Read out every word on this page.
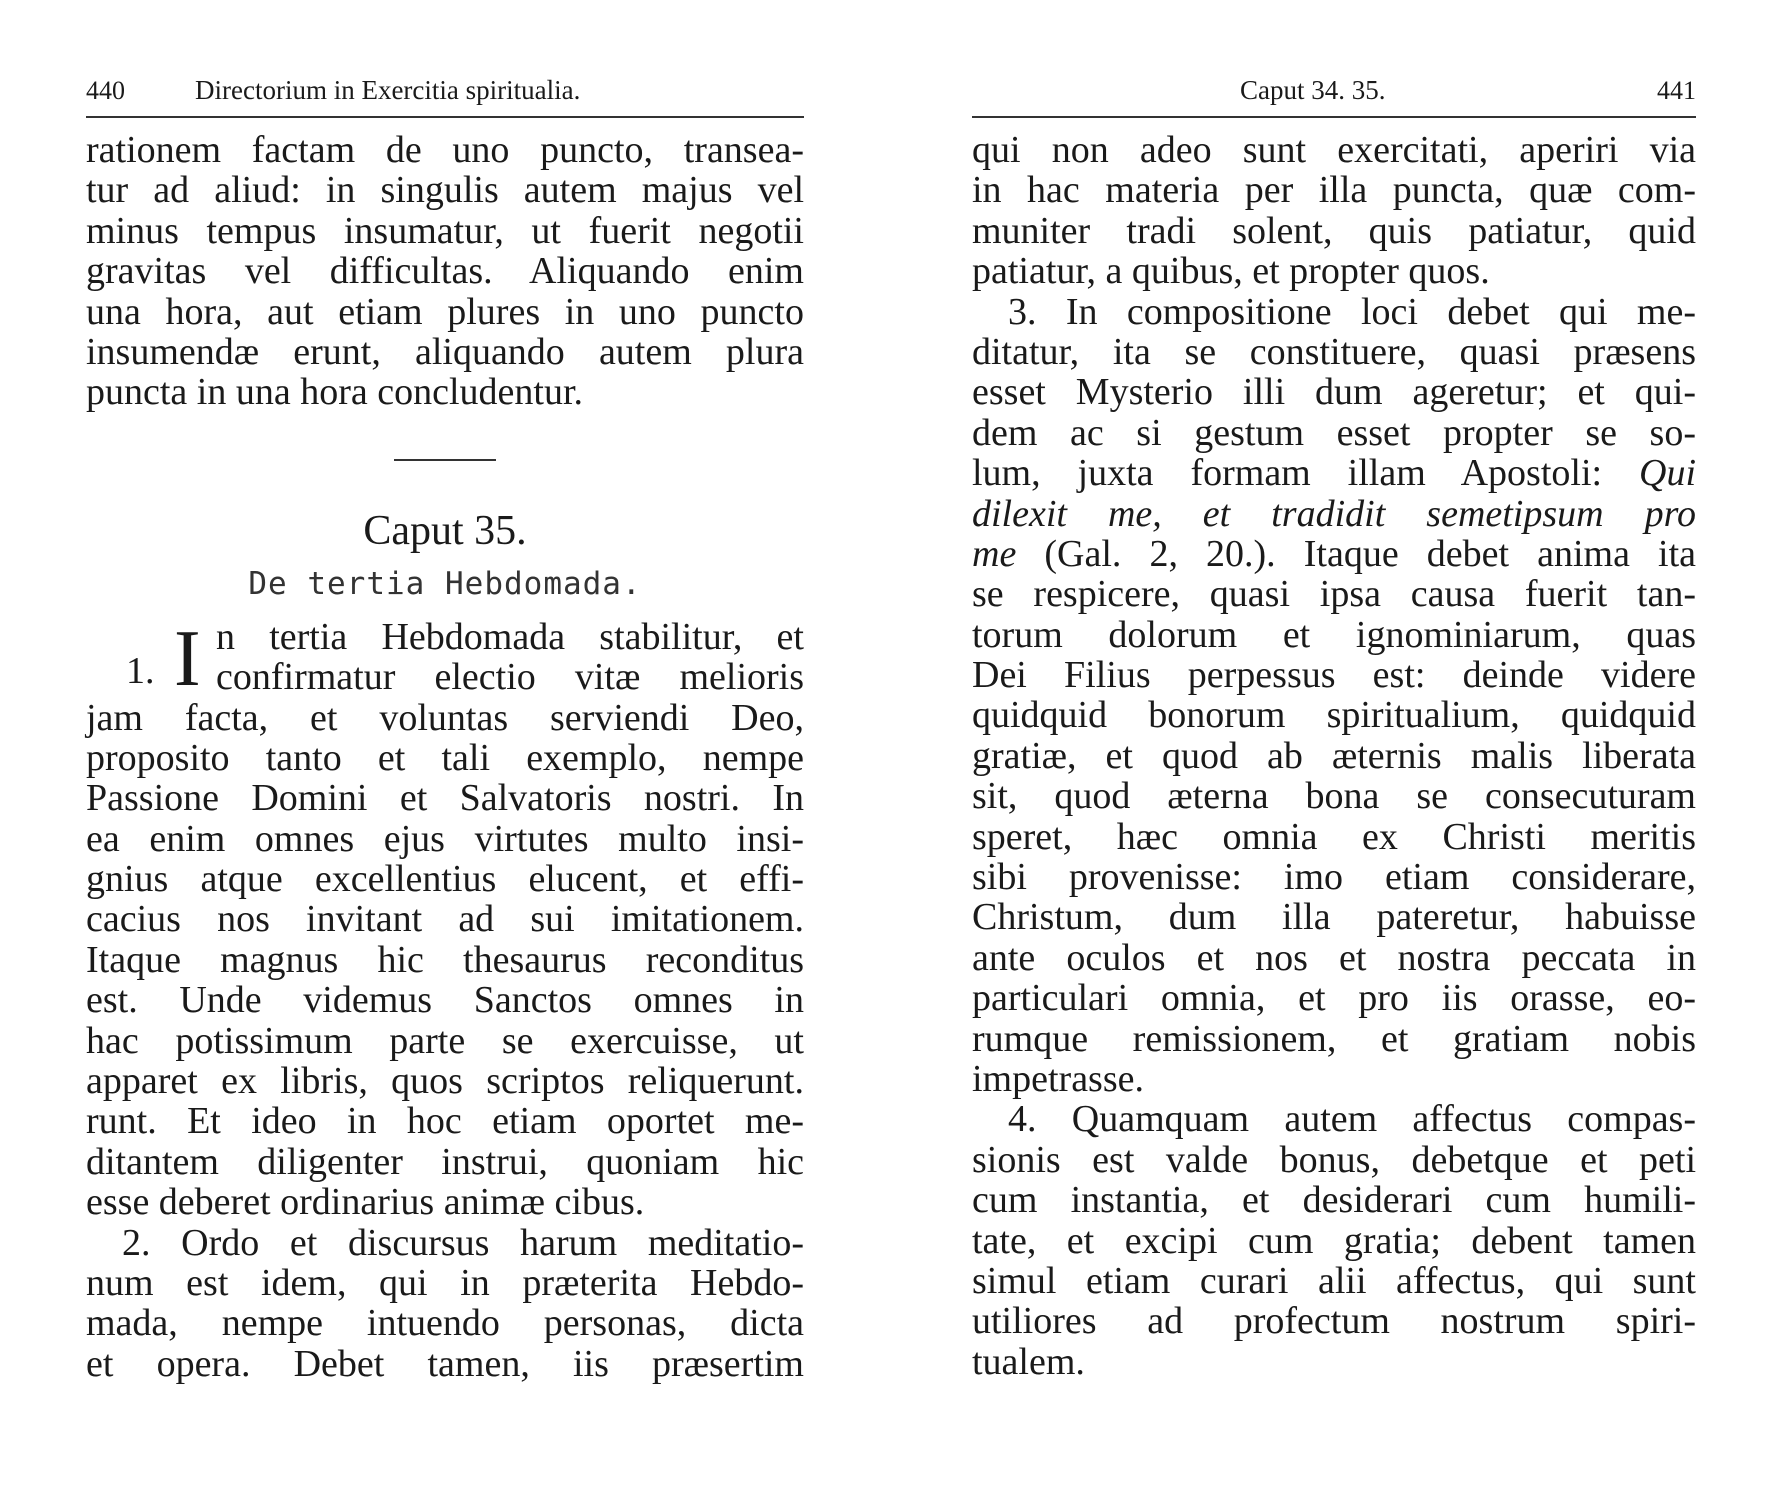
440	Directorium in Exercitia spiritualia.
rationem factam de uno puncto, transea-
tur ad aliud: in singulis autem majus vel
minus tempus insumatur, ut fuerit negotii
gravitas vel difficultas. Aliquando enim
una hora, aut etiam plures in uno puncto
insumendæ erunt, aliquando autem plura
puncta in una hora concludentur.
Caput 35.
De tertia Hebdomada.
1. I n tertia Hebdomada stabilitur, et
confirmatur electio vitæ melioris
jam facta, et voluntas serviendi Deo,
proposito tanto et tali exemplo, nempe
Passione Domini et Salvatoris nostri. In
ea enim omnes ejus virtutes multo insi-
gnius atque excellentius elucent, et effi-
cacius nos invitant ad sui imitationem.
Itaque magnus hic thesaurus reconditus
est. Unde videmus Sanctos omnes in
hac potissimum parte se exercuisse, ut
apparet ex libris, quos scriptos reliquerunt.
runt. Et ideo in hoc etiam oportet me-
ditantem diligenter instrui, quoniam hic
esse deberet ordinarius animæ cibus.
2. Ordo et discursus harum meditatio-
num est idem, qui in præterita Hebdo-
mada, nempe intuendo personas, dicta
et opera. Debet tamen, iis præsertim
Caput 34. 35.	441
qui non adeo sunt exercitati, aperiri via
in hac materia per illa puncta, quæ com-
muniter tradi solent, quis patiatur, quid
patiatur, a quibus, et propter quos.
3. In compositione loci debet qui me-
ditatur, ita se constituere, quasi præsens
esset Mysterio illi dum ageretur; et qui-
dem ac si gestum esset propter se so-
lum, juxta formam illam Apostoli: Qui
dilexit me, et tradidit semetipsum pro
me (Gal. 2, 20.). Itaque debet anima ita
se respicere, quasi ipsa causa fuerit tan-
torum dolorum et ignominiarum, quas
Dei Filius perpessus est: deinde videre
quidquid bonorum spiritualium, quidquid
gratiæ, et quod ab æternis malis liberata
sit, quod æterna bona se consecuturam
speret, hæc omnia ex Christi meritis
sibi provenisse: imo etiam considerare,
Christum, dum illa pateretur, habuisse
ante oculos et nos et nostra peccata in
particulari omnia, et pro iis orasse, eo-
rumque remissionem, et gratiam nobis
impetrasse.
4. Quamquam autem affectus compas-
sionis est valde bonus, debetque et peti
cum instantia, et desiderari cum humili-
tate, et excipi cum gratia; debent tamen
simul etiam curari alii affectus, qui sunt
utiliores ad profectum nostrum spiri-
tualem.
